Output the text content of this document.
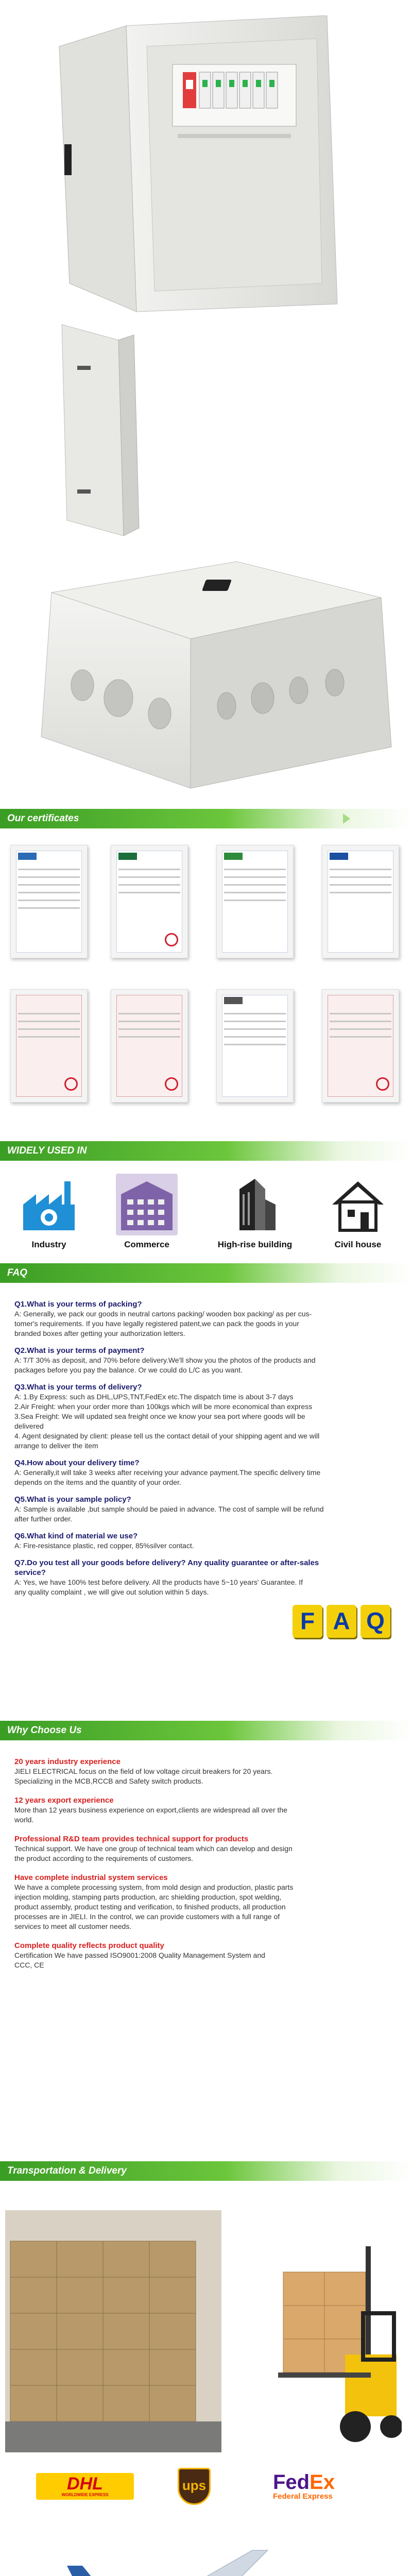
Our certificates
WIDELY USED IN
Industry	Commerce	High-rise building	Civil house
FAQ
Q1.What is your terms of packing?
A: Generally, we pack our goods in neutral cartons packing/ wooden box packing/ as per cus-
tomer's requirements. If you have legally registered patent,we can pack the goods in your
branded boxes after getting your authorization letters.
Q2.What is your terms of payment?
A: T/T 30% as deposit, and 70% before delivery.We'll show you the photos of the products and
packages before you pay the balance. Or we could do L/C as you want.
Q3.What is your terms of delivery?
A: 1.By Express: such as DHL,UPS,TNT,FedEx etc.The dispatch time is about 3-7 days
2.Air Freight: when your order more than 100kgs which will be more economical than express
3.Sea Freight: We will updated sea freight once we know your sea port where goods will be
delivered
4. Agent designated by client: please tell us the contact detail of your shipping agent and we will
arrange to deliver the item
Q4.How about your delivery time?
A: Generally,it will take 3 weeks after receiving your advance payment.The specific delivery time
depends on the items and the quantity of your order.
Q5.What is your sample policy?
A: Sample is available ,but sample should be paied in advance. The cost of sample will be refund
after further order.
Q6.What kind of material we use?
A: Fire-resistance plastic, red copper, 85%silver contact.
Q7.Do you test all your goods before delivery? Any quality guarantee or after-sales
service?
A: Yes, we have 100% test before delivery. All the products have 5~10 years' Guarantee. If
any quality complaint , we will give out solution within 5 days.
F A Q
Why Choose Us
20 years industry experience
JIELI ELECTRICAL focus on the field of low voltage circuit breakers for 20 years.
Specializing in the MCB,RCCB and Safety switch products.
12 years export experience
More than 12 years business experience on export,clients are widespread all over the
world.
Professional R&D team provides technical support for products
Technical support. We have one group of technical team which can develop and design
the product according to the requirements of customers.
Have complete industrial system services
We have a complete processing system, from mold design and production, plastic parts
injection molding, stamping parts production, arc shielding production, spot welding,
product assembly, product testing and verification, to finished products, all production
processes are in JIELI. In the control, we can provide customers with a full range of
services to meet all customer needs.
Complete quality reflects product quality
Certification We have passed ISO9001:2008 Quality Management System and
CCC, CE
Transportation & Delivery
DHL
WORLDWIDE EXPRESS
ups	FedEx
Federal Express
